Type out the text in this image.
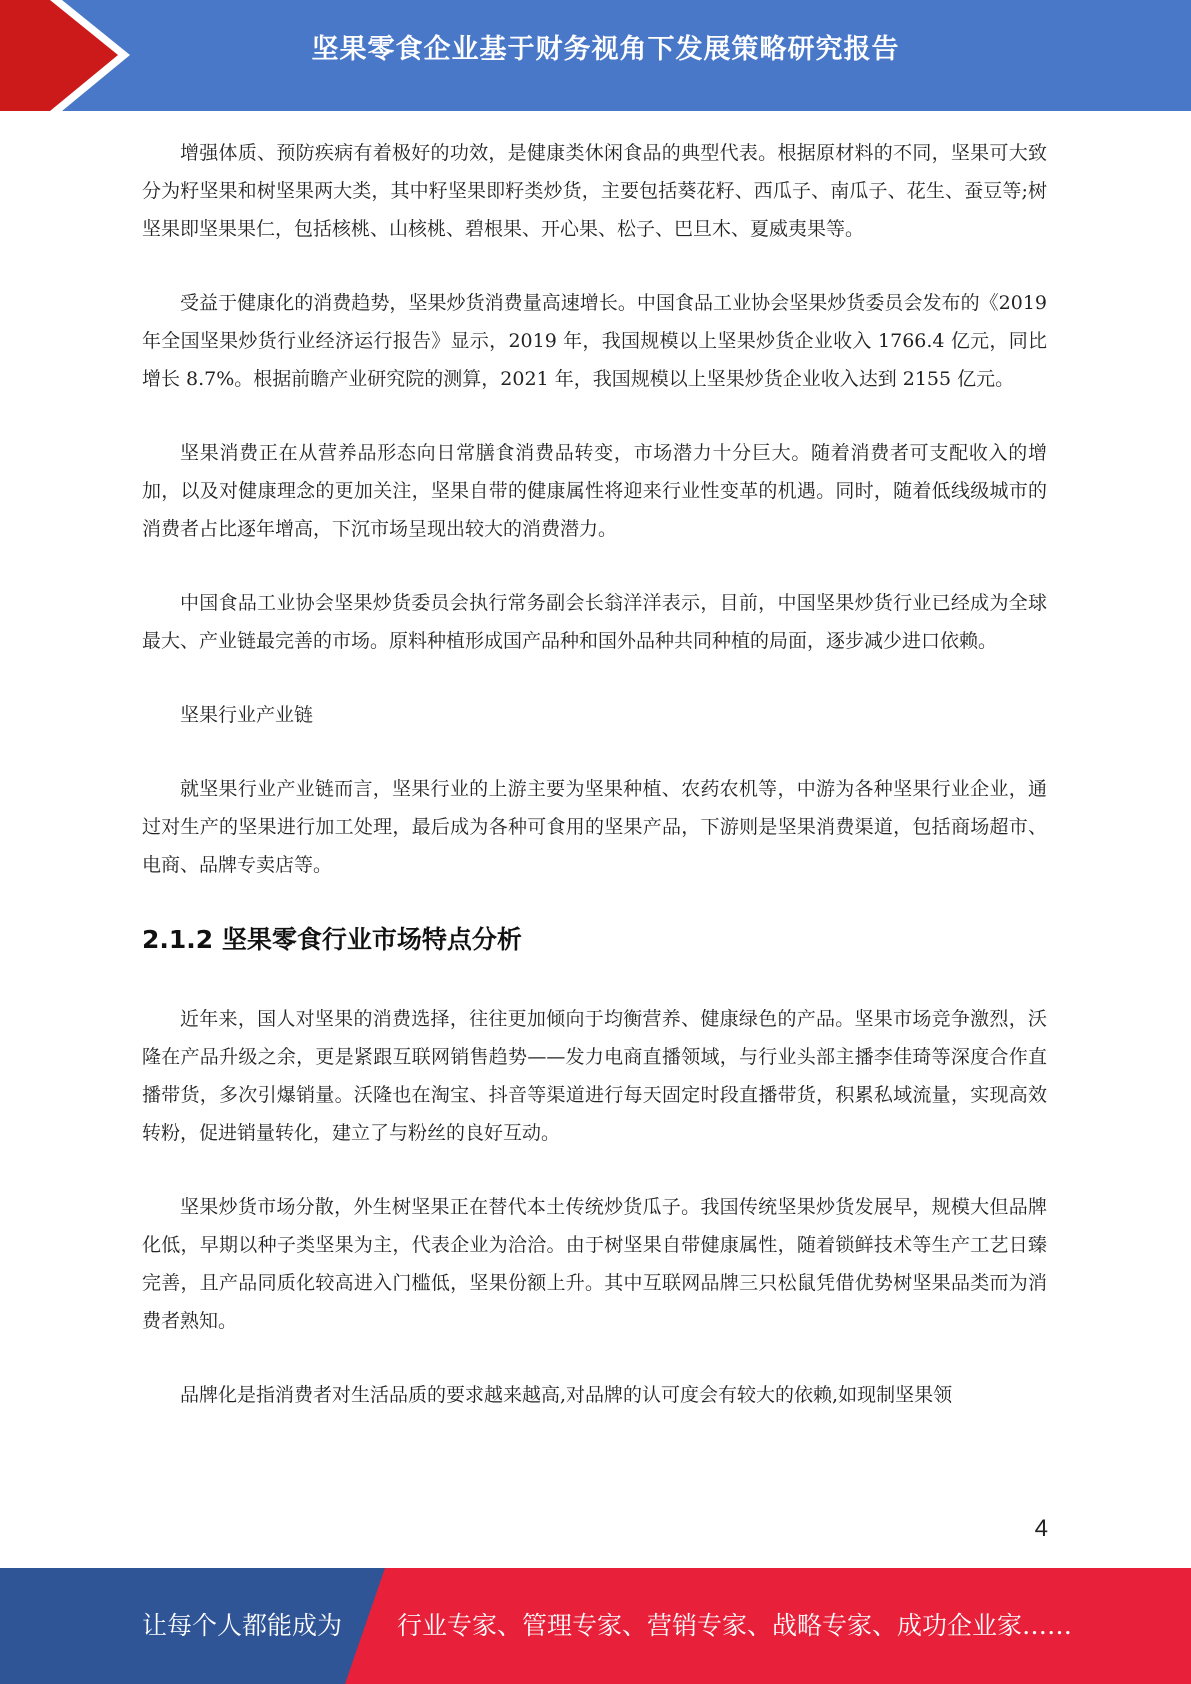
坚果零食企业基于财务视角下发展策略研究报告

增强体质、预防疾病有着极好的功效，是健康类休闲食品的典型代表。根据原材料的不同，坚果可大致分为籽坚果和树坚果两大类，其中籽坚果即籽类炒货，主要包括葵花籽、西瓜子、南瓜子、花生、蚕豆等;树坚果即坚果果仁，包括核桃、山核桃、碧根果、开心果、松子、巴旦木、夏威夷果等。

受益于健康化的消费趋势，坚果炒货消费量高速增长。中国食品工业协会坚果炒货委员会发布的《2019 年全国坚果炒货行业经济运行报告》显示，2019 年，我国规模以上坚果炒货企业收入 1766.4 亿元，同比增长 8.7%。根据前瞻产业研究院的测算，2021 年，我国规模以上坚果炒货企业收入达到 2155 亿元。

坚果消费正在从营养品形态向日常膳食消费品转变，市场潜力十分巨大。随着消费者可支配收入的增加，以及对健康理念的更加关注，坚果自带的健康属性将迎来行业性变革的机遇。同时，随着低线级城市的消费者占比逐年增高，下沉市场呈现出较大的消费潜力。

中国食品工业协会坚果炒货委员会执行常务副会长翁洋洋表示，目前，中国坚果炒货行业已经成为全球最大、产业链最完善的市场。原料种植形成国产品种和国外品种共同种植的局面，逐步减少进口依赖。

坚果行业产业链

就坚果行业产业链而言，坚果行业的上游主要为坚果种植、农药农机等，中游为各种坚果行业企业，通过对生产的坚果进行加工处理，最后成为各种可食用的坚果产品，下游则是坚果消费渠道，包括商场超市、电商、品牌专卖店等。

2.1.2 坚果零食行业市场特点分析

近年来，国人对坚果的消费选择，往往更加倾向于均衡营养、健康绿色的产品。坚果市场竞争激烈，沃隆在产品升级之余，更是紧跟互联网销售趋势——发力电商直播领域，与行业头部主播李佳琦等深度合作直播带货，多次引爆销量。沃隆也在淘宝、抖音等渠道进行每天固定时段直播带货，积累私域流量，实现高效转粉，促进销量转化，建立了与粉丝的良好互动。

坚果炒货市场分散，外生树坚果正在替代本土传统炒货瓜子。我国传统坚果炒货发展早，规模大但品牌化低，早期以种子类坚果为主，代表企业为洽洽。由于树坚果自带健康属性，随着锁鲜技术等生产工艺日臻完善，且产品同质化较高进入门槛低，坚果份额上升。其中互联网品牌三只松鼠凭借优势树坚果品类而为消费者熟知。

品牌化是指消费者对生活品质的要求越来越高,对品牌的认可度会有较大的依赖,如现制坚果领

4
让每个人都能成为 行业专家、管理专家、营销专家、战略专家、成功企业家……
